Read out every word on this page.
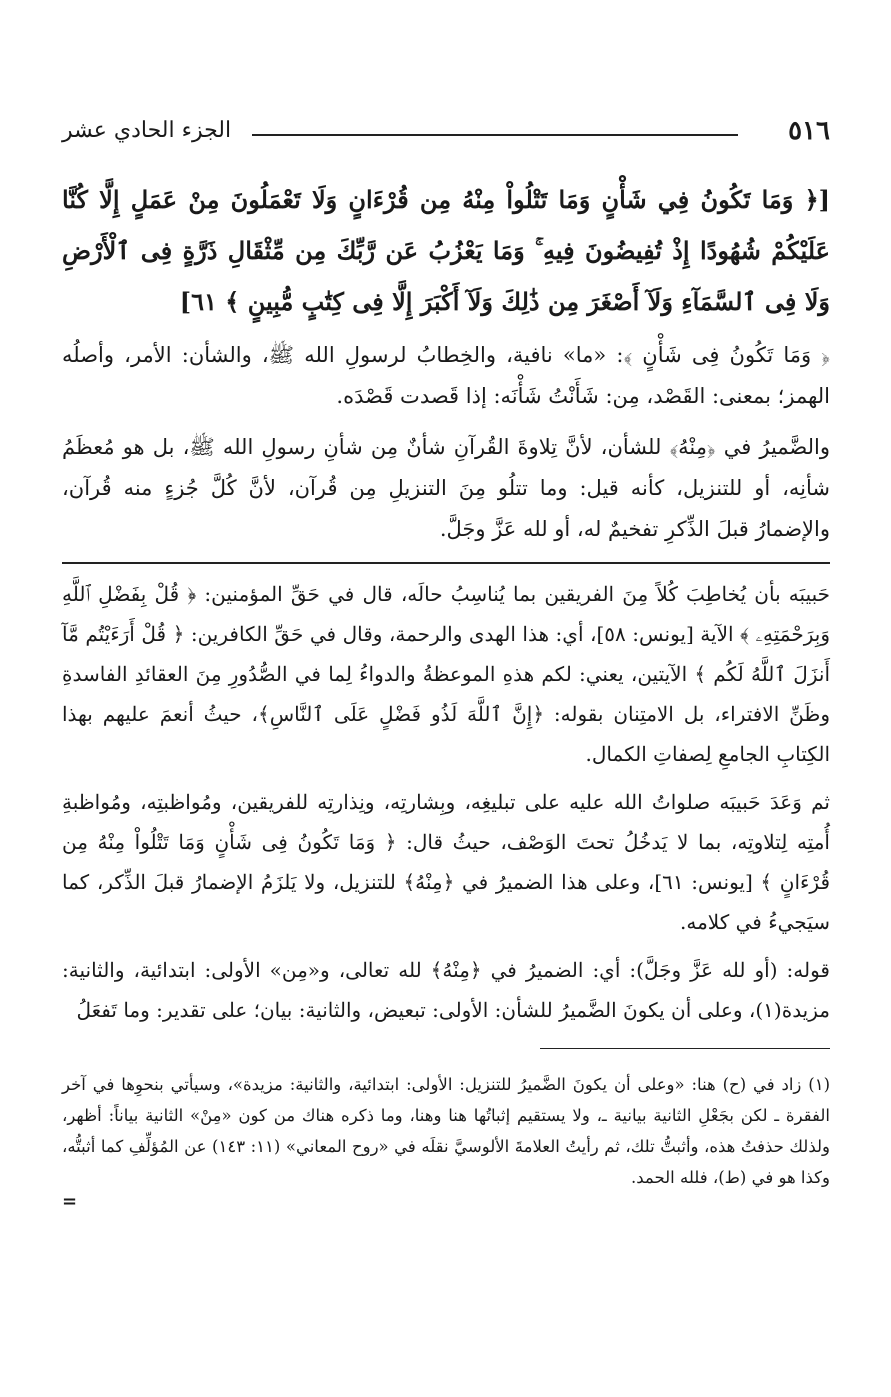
٥١٦
الجزء الحادي عشر
[﴿ وَمَا تَكُونُ فِي شَأْنٍ وَمَا تَتْلُواْ مِنْهُ مِن قُرْءَانٍ وَلَا تَعْمَلُونَ مِنْ عَمَلٍ إِلَّا كُنَّا عَلَيْكُمْ شُهُودًا إِذْ تُفِيضُونَ فِيهِ ۚ وَمَا يَعْزُبُ عَن رَّبِّكَ مِن مِّثْقَالِ ذَرَّةٍ فِى ٱلْأَرْضِ وَلَا فِى ٱلسَّمَآءِ وَلَآ أَصْغَرَ مِن ذَٰلِكَ وَلَآ أَكْبَرَ إِلَّا فِى كِتَٰبٍ مُّبِينٍ ﴾ ٦١]

﴿ وَمَا تَكُونُ فِى شَأْنٍ ﴾: «ما» نافية، والخِطابُ لرسولِ الله ﷺ، والشأن: الأمر، وأصلُه الهمز؛ بمعنى: القَصْد، مِن: شَأَنْتُ شَأْنَه: إذا قَصدت قَصْدَه.

والضَّميرُ في ﴿مِنْهُ﴾ للشأن، لأنَّ تِلاوةَ القُرآنِ شأنٌ مِن شأنِ رسولِ الله ﷺ، بل هو مُعظَمُ شأنِه، أو للتنزيل، كأنه قيل: وما تتلُو مِنَ التنزيلِ مِن قُرآن، لأنَّ كُلَّ جُزءٍ منه قُرآن، والإضمارُ قبلَ الذِّكرِ تفخيمٌ له، أو لله عَزَّ وجَلَّ.

حَبيبَه بأن يُخاطِبَ كُلاً مِنَ الفريقين بما يُناسِبُ حالَه، قال في حَقِّ المؤمنين: ﴿ قُلْ بِفَضْلِ ٱللَّهِ وَبِرَحْمَتِهِۦ ﴾ الآية [يونس: ٥٨]، أي: هذا الهدى والرحمة، وقال في حَقِّ الكافرين: ﴿ قُلْ أَرَءَيْتُم مَّآ أَنزَلَ ٱللَّهُ لَكُم ﴾ الآيتين، يعني: لكم هذهِ الموعظةُ والدواءُ لِما في الصُّدُورِ مِنَ العقائدِ الفاسدةِ وظَنِّ الافتراء، بل الامتِنان بقوله: ﴿إِنَّ ٱللَّهَ لَذُو فَضْلٍ عَلَى ٱلنَّاسِ﴾، حيثُ أنعمَ عليهم بهذا الكِتابِ الجامعِ لِصفاتِ الكمال.

ثم وَعَدَ حَبيبَه صلواتُ الله عليه على تبليغِه، وبِشارتِه، ونِذارتِه للفريقين، ومُواظبتِه، ومُواظبةِ أُمتِه لِتلاوتِه، بما لا يَدخُلُ تحتَ الوَصْف، حيثُ قال: ﴿ وَمَا تَكُونُ فِى شَأْنٍ وَمَا تَتْلُواْ مِنْهُ مِن قُرْءَانٍ ﴾ [يونس: ٦١]، وعلى هذا الضميرُ في ﴿مِنْهُ﴾ للتنزيل، ولا يَلزَمُ الإضمارُ قبلَ الذِّكر، كما سيَجيءُ في كلامه.

قوله: (أو لله عَزَّ وجَلَّ): أي: الضميرُ في ﴿مِنْهُ﴾ لله تعالى، و«مِن» الأولى: ابتدائية، والثانية: مزيدة(١)، وعلى أن يكونَ الضَّميرُ للشأن: الأولى: تبعيض، والثانية: بيان؛ على تقدير: وما تَفعَلُ

(١) زاد في (ح) هنا: «وعلى أن يكونَ الضَّميرُ للتنزيل: الأولى: ابتدائية، والثانية: مزيدة»، وسيأتي بنحوِها في آخر الفقرة ـ لكن بجَعْلِ الثانية بيانية ـ، ولا يستقيم إثباتُها هنا وهنا، وما ذكره هناك من كون «مِنْ» الثانية بياناً: أظهر، ولذلك حذفتُ هذه، وأثبتُّ تلك، ثم رأيتُ العلامةَ الألوسيَّ نقلَه في «روح المعاني» (١١: ١٤٣) عن المُؤلِّفِ كما أثبتُّه، وكذا هو في (ط)، فلله الحمد.

=
